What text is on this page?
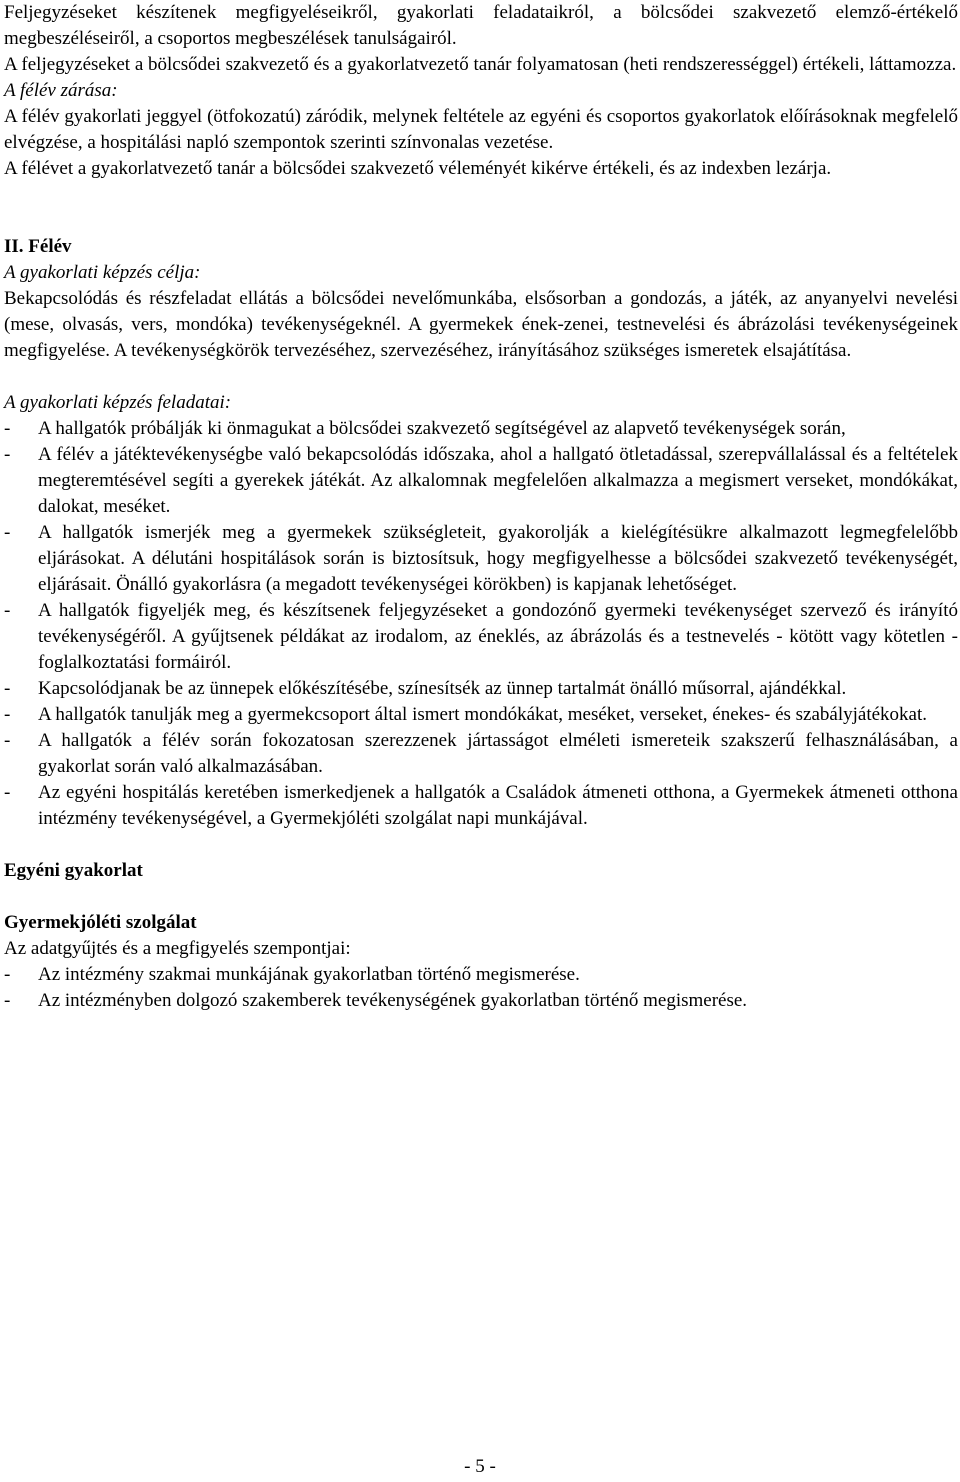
Feljegyzéseket készítenek megfigyeléseikről, gyakorlati feladataikról, a bölcsődei szakvezető elemző-értékelő megbeszéléseiről, a csoportos megbeszélések tanulságairól.

A feljegyzéseket a bölcsődei szakvezető és a gyakorlatvezető tanár folyamatosan (heti rendszerességgel) értékeli, láttamozza.

A félév zárása:

A félév gyakorlati jeggyel (ötfokozatú) záródik, melynek feltétele az egyéni és csoportos gyakorlatok előírásoknak megfelelő elvégzése, a hospitálási napló szempontok szerinti színvonalas vezetése.

A félévet a gyakorlatvezető tanár a bölcsődei szakvezető véleményét kikérve értékeli, és az indexben lezárja.

II. Félév

A gyakorlati képzés célja:

Bekapcsolódás és részfeladat ellátás a bölcsődei nevelőmunkába, elsősorban a gondozás, a játék, az anyanyelvi nevelési (mese, olvasás, vers, mondóka) tevékenységeknél. A gyermekek ének-zenei, testnevelési és ábrázolási tevékenységeinek megfigyelése. A tevékenységkörök tervezéséhez, szervezéséhez, irányításához szükséges ismeretek elsajátítása.

A gyakorlati képzés feladatai:

- A hallgatók próbálják ki önmagukat a bölcsődei szakvezető segítségével az alapvető tevékenységek során,
- A félév a játéktevékenységbe való bekapcsolódás időszaka, ahol a hallgató ötletadással, szerepvállalással és a feltételek megteremtésével segíti a gyerekek játékát. Az alkalomnak megfelelően alkalmazza a megismert verseket, mondókákat, dalokat, meséket.
- A hallgatók ismerjék meg a gyermekek szükségleteit, gyakorolják a kielégítésükre alkalmazott legmegfelelőbb eljárásokat. A délutáni hospitálások során is biztosítsuk, hogy megfigyelhesse a bölcsődei szakvezető tevékenységét, eljárásait. Önálló gyakorlásra (a megadott tevékenységei körökben) is kapjanak lehetőséget.
- A hallgatók figyeljék meg, és készítsenek feljegyzéseket a gondozónő gyermeki tevékenységet szervező és irányító tevékenységéről. A gyűjtsenek példákat az irodalom, az éneklés, az ábrázolás és a testnevelés - kötött vagy kötetlen - foglalkoztatási formáiról.
- Kapcsolódjanak be az ünnepek előkészítésébe, színesítsék az ünnep tartalmát önálló műsorral, ajándékkal.
- A hallgatók tanulják meg a gyermekcsoport által ismert mondókákat, meséket, verseket, énekes- és szabályjátékokat.
- A hallgatók a félév során fokozatosan szerezzenek jártasságot elméleti ismereteik szakszerű felhasználásában, a gyakorlat során való alkalmazásában.
- Az egyéni hospitálás keretében ismerkedjenek a hallgatók a Családok átmeneti otthona, a Gyermekek átmeneti otthona intézmény tevékenységével, a Gyermekjóléti szolgálat napi munkájával.

Egyéni gyakorlat

Gyermekjóléti szolgálat

Az adatgyűjtés és a megfigyelés szempontjai:

- Az intézmény szakmai munkájának gyakorlatban történő megismerése.
- Az intézményben dolgozó szakemberek tevékenységének gyakorlatban történő megismerése.
- 5 -
